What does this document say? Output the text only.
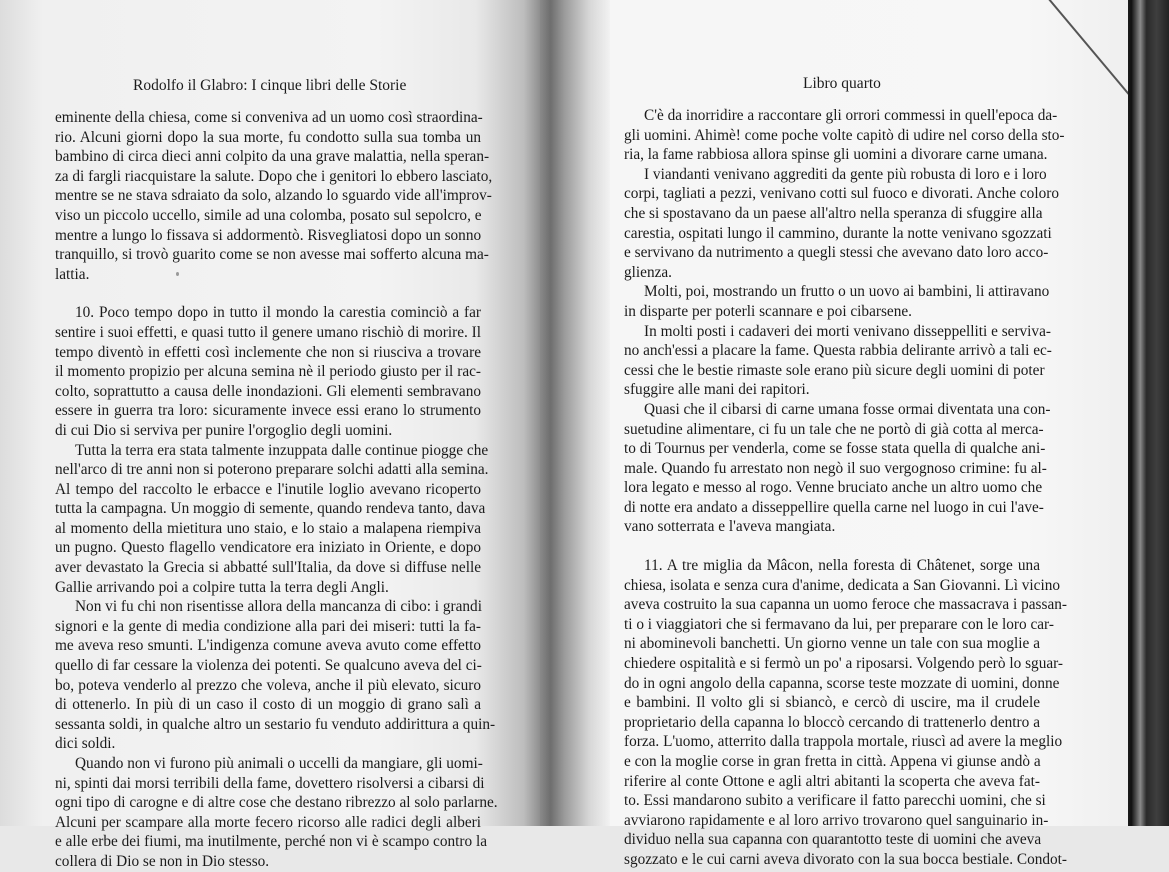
Rodolfo il Glabro: I cinque libri delle Storie

eminente della chiesa, come si conveniva ad un uomo così straordina-
rio. Alcuni giorni dopo la sua morte, fu condotto sulla sua tomba un
bambino di circa dieci anni colpito da una grave malattia, nella speran-
za di fargli riacquistare la salute. Dopo che i genitori lo ebbero lasciato,
mentre se ne stava sdraiato da solo, alzando lo sguardo vide all'improv-
viso un piccolo uccello, simile ad una colomba, posato sul sepolcro, e
mentre a lungo lo fissava si addormentò. Risvegliatosi dopo un sonno
tranquillo, si trovò guarito come se non avesse mai sofferto alcuna ma-
lattia.

10. Poco tempo dopo in tutto il mondo la carestia cominciò a far
sentire i suoi effetti, e quasi tutto il genere umano rischiò di morire. Il
tempo diventò in effetti così inclemente che non si riusciva a trovare
il momento propizio per alcuna semina nè il periodo giusto per il rac-
colto, soprattutto a causa delle inondazioni. Gli elementi sembravano
essere in guerra tra loro: sicuramente invece essi erano lo strumento
di cui Dio si serviva per punire l'orgoglio degli uomini.

Tutta la terra era stata talmente inzuppata dalle continue piogge che
nell'arco di tre anni non si poterono preparare solchi adatti alla semina.
Al tempo del raccolto le erbacce e l'inutile loglio avevano ricoperto
tutta la campagna. Un moggio di semente, quando rendeva tanto, dava
al momento della mietitura uno staio, e lo staio a malapena riempiva
un pugno. Questo flagello vendicatore era iniziato in Oriente, e dopo
aver devastato la Grecia si abbatté sull'Italia, da dove si diffuse nelle
Gallie arrivando poi a colpire tutta la terra degli Angli.

Non vi fu chi non risentisse allora della mancanza di cibo: i grandi
signori e la gente di media condizione alla pari dei miseri: tutti la fa-
me aveva reso smunti. L'indigenza comune aveva avuto come effetto
quello di far cessare la violenza dei potenti. Se qualcuno aveva del ci-
bo, poteva venderlo al prezzo che voleva, anche il più elevato, sicuro
di ottenerlo. In più di un caso il costo di un moggio di grano salì a
sessanta soldi, in qualche altro un sestario fu venduto addirittura a quin-
dici soldi.

Quando non vi furono più animali o uccelli da mangiare, gli uomi-
ni, spinti dai morsi terribili della fame, dovettero risolversi a cibarsi di
ogni tipo di carogne e di altre cose che destano ribrezzo al solo parlarne.
Alcuni per scampare alla morte fecero ricorso alle radici degli alberi
e alle erbe dei fiumi, ma inutilmente, perché non vi è scampo contro la
collera di Dio se non in Dio stesso.

Libro quarto

C'è da inorridire a raccontare gli orrori commessi in quell'epoca da-
gli uomini. Ahimè! come poche volte capitò di udire nel corso della sto-
ria, la fame rabbiosa allora spinse gli uomini a divorare carne umana.

I viandanti venivano aggrediti da gente più robusta di loro e i loro
corpi, tagliati a pezzi, venivano cotti sul fuoco e divorati. Anche coloro
che si spostavano da un paese all'altro nella speranza di sfuggire alla
carestia, ospitati lungo il cammino, durante la notte venivano sgozzati
e servivano da nutrimento a quegli stessi che avevano dato loro acco-
glienza.

Molti, poi, mostrando un frutto o un uovo ai bambini, li attiravano
in disparte per poterli scannare e poi cibarsene.

In molti posti i cadaveri dei morti venivano disseppelliti e serviva-
no anch'essi a placare la fame. Questa rabbia delirante arrivò a tali ec-
cessi che le bestie rimaste sole erano più sicure degli uomini di poter
sfuggire alle mani dei rapitori.

Quasi che il cibarsi di carne umana fosse ormai diventata una con-
suetudine alimentare, ci fu un tale che ne portò di già cotta al merca-
to di Tournus per venderla, come se fosse stata quella di qualche ani-
male. Quando fu arrestato non negò il suo vergognoso crimine: fu al-
lora legato e messo al rogo. Venne bruciato anche un altro uomo che
di notte era andato a disseppellire quella carne nel luogo in cui l'ave-
vano sotterrata e l'aveva mangiata.

11. A tre miglia da Mâcon, nella foresta di Châtenet, sorge una
chiesa, isolata e senza cura d'anime, dedicata a San Giovanni. Lì vicino
aveva costruito la sua capanna un uomo feroce che massacrava i passan-
ti o i viaggiatori che si fermavano da lui, per preparare con le loro car-
ni abominevoli banchetti. Un giorno venne un tale con sua moglie a
chiedere ospitalità e si fermò un po' a riposarsi. Volgendo però lo sguar-
do in ogni angolo della capanna, scorse teste mozzate di uomini, donne
e bambini. Il volto gli si sbiancò, e cercò di uscire, ma il crudele
proprietario della capanna lo bloccò cercando di trattenerlo dentro a
forza. L'uomo, atterrito dalla trappola mortale, riuscì ad avere la meglio
e con la moglie corse in gran fretta in città. Appena vi giunse andò a
riferire al conte Ottone e agli altri abitanti la scoperta che aveva fat-
to. Essi mandarono subito a verificare il fatto parecchi uomini, che si
avviarono rapidamente e al loro arrivo trovarono quel sanguinario in-
dividuo nella sua capanna con quarantotto teste di uomini che aveva
sgozzato e le cui carni aveva divorato con la sua bocca bestiale. Condot-
